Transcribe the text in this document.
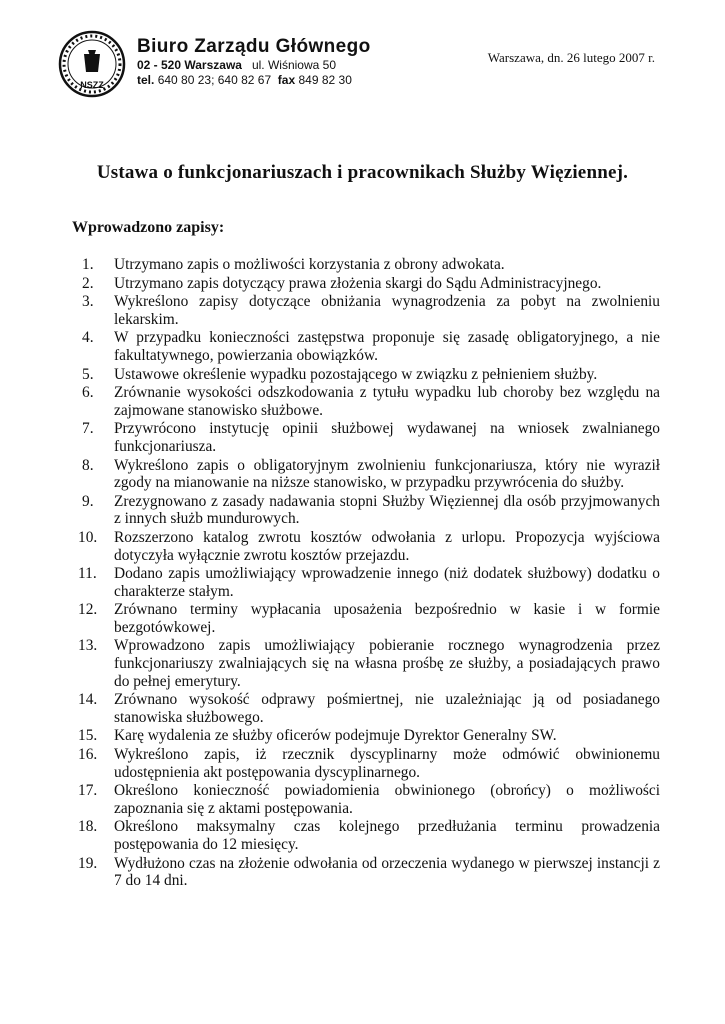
NSZZ

Biuro Zarządu Głównego

02 - 520 Warszawa ul. Wiśniowa 50

tel. 640 80 23; 640 82 67 fax 849 82 30

Warszawa, dn. 26 lutego 2007 r.
Ustawa o funkcjonariuszach i pracownikach Służby Więziennej.
Wprowadzono zapisy:
1. Utrzymano zapis o możliwości korzystania z obrony adwokata.
2. Utrzymano zapis dotyczący prawa złożenia skargi do Sądu Administracyjnego.
3. Wykreślono zapisy dotyczące obniżania wynagrodzenia za pobyt na zwolnieniu lekarskim.
4. W przypadku konieczności zastępstwa proponuje się zasadę obligatoryjnego, a nie fakultatywnego, powierzania obowiązków.
5. Ustawowe określenie wypadku pozostającego w związku z pełnieniem służby.
6. Zrównanie wysokości odszkodowania z tytułu wypadku lub choroby bez względu na zajmowane stanowisko służbowe.
7. Przywrócono instytucję opinii służbowej wydawanej na wniosek zwalnianego funkcjonariusza.
8. Wykreślono zapis o obligatoryjnym zwolnieniu funkcjonariusza, który nie wyraził zgody na mianowanie na niższe stanowisko, w przypadku przywrócenia do służby.
9. Zrezygnowano z zasady nadawania stopni Służby Więziennej dla osób przyjmowanych z innych służb mundurowych.
10. Rozszerzono katalog zwrotu kosztów odwołania z urlopu. Propozycja wyjściowa dotyczyła wyłącznie zwrotu kosztów przejazdu.
11. Dodano zapis umożliwiający wprowadzenie innego (niż dodatek służbowy) dodatku o charakterze stałym.
12. Zrównano terminy wypłacania uposażenia bezpośrednio w kasie i w formie bezgotówkowej.
13. Wprowadzono zapis umożliwiający pobieranie rocznego wynagrodzenia przez funkcjonariuszy zwalniających się na własna prośbę ze służby, a posiadających prawo do pełnej emerytury.
14. Zrównano wysokość odprawy pośmiertnej, nie uzależniając ją od posiadanego stanowiska służbowego.
15. Karę wydalenia ze służby oficerów podejmuje Dyrektor Generalny SW.
16. Wykreślono zapis, iż rzecznik dyscyplinarny może odmówić obwinionemu udostępnienia akt postępowania dyscyplinarnego.
17. Określono konieczność powiadomienia obwinionego (obrońcy) o możliwości zapoznania się z aktami postępowania.
18. Określono maksymalny czas kolejnego przedłużania terminu prowadzenia postępowania do 12 miesięcy.
19. Wydłużono czas na złożenie odwołania od orzeczenia wydanego w pierwszej instancji z 7 do 14 dni.
